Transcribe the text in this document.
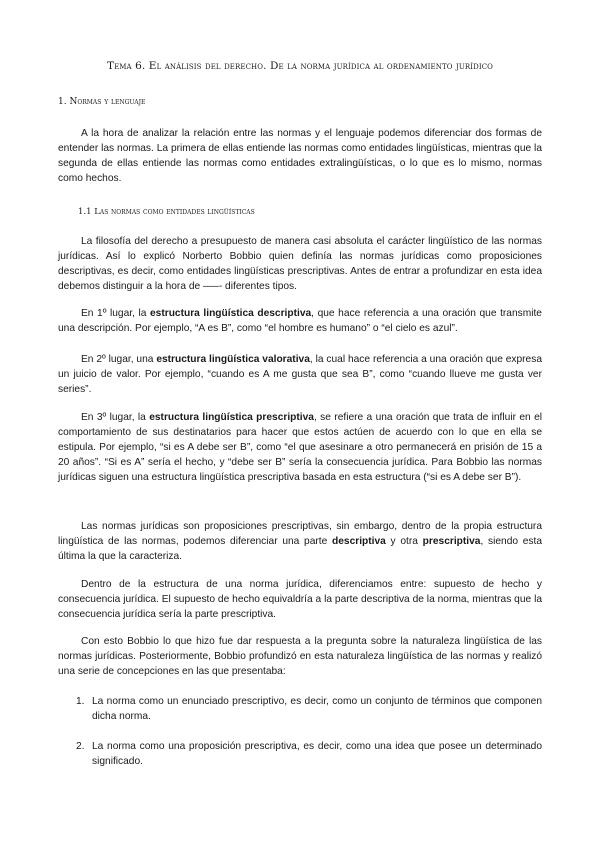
Tema 6. El análisis del derecho. De la norma jurídica al ordenamiento jurídico
1. Normas y lenguaje

A la hora de analizar la relación entre las normas y el lenguaje podemos diferenciar dos formas de entender las normas. La primera de ellas entiende las normas como entidades lingüísticas, mientras que la segunda de ellas entiende las normas como entidades extralingüísticas, o lo que es lo mismo, normas como hechos.

1.1 Las normas como entidades lingüísticas

La filosofía del derecho a presupuesto de manera casi absoluta el carácter lingüístico de las normas jurídicas. Así lo explicó Norberto Bobbio quien definía las normas jurídicas como proposiciones descriptivas, es decir, como entidades lingüísticas prescriptivas. Antes de entrar a profundizar en esta idea debemos distinguir a la hora de –—- diferentes tipos.

En 1º lugar, la estructura lingüística descriptiva, que hace referencia a una oración que transmite una descripción. Por ejemplo, “A es B”, como “el hombre es humano” o “el cielo es azul”.

En 2º lugar, una estructura lingüística valorativa, la cual hace referencia a una oración que expresa un juicio de valor. Por ejemplo, “cuando es A me gusta que sea B”, como “cuando llueve me gusta ver series”.

En 3º lugar, la estructura lingüística prescriptiva, se refiere a una oración que trata de influir en el comportamiento de sus destinatarios para hacer que estos actúen de acuerdo con lo que en ella se estipula. Por ejemplo, “si es A debe ser B”, como “el que asesinare a otro permanecerá en prisión de 15 a 20 años”. “Si es A” sería el hecho, y “debe ser B” sería la consecuencia jurídica. Para Bobbio las normas jurídicas siguen una estructura lingüística prescriptiva basada en esta estructura (“si es A debe ser B”).

Las normas jurídicas son proposiciones prescriptivas, sin embargo, dentro de la propia estructura lingüística de las normas, podemos diferenciar una parte descriptiva y otra prescriptiva, siendo esta última la que la caracteriza.

Dentro de la estructura de una norma jurídica, diferenciamos entre: supuesto de hecho y consecuencia jurídica. El supuesto de hecho equivaldría a la parte descriptiva de la norma, mientras que la consecuencia jurídica sería la parte prescriptiva.

Con esto Bobbio lo que hizo fue dar respuesta a la pregunta sobre la naturaleza lingüística de las normas jurídicas. Posteriormente, Bobbio profundizó en esta naturaleza lingüística de las normas y realizó una serie de concepciones en las que presentaba:

1. La norma como un enunciado prescriptivo, es decir, como un conjunto de términos que componen dicha norma.
2. La norma como una proposición prescriptiva, es decir, como una idea que posee un determinado significado.
